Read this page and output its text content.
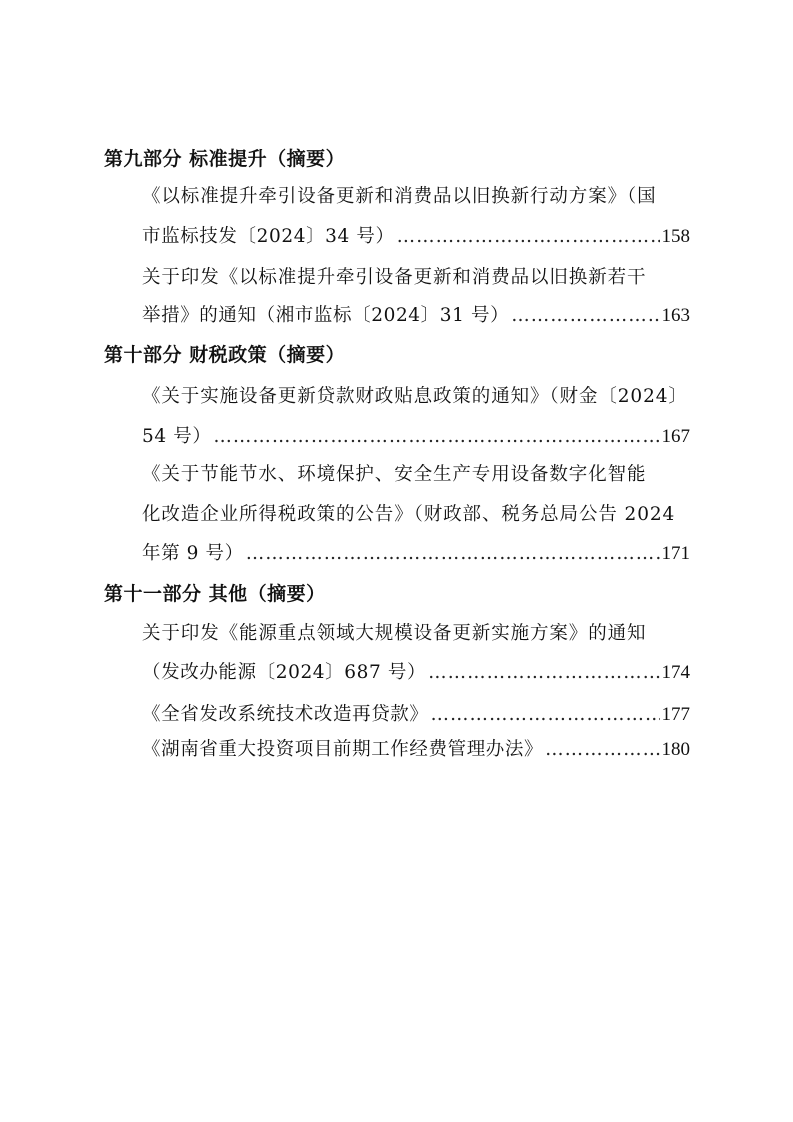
第九部分 标准提升（摘要）
《以标准提升牵引设备更新和消费品以旧换新行动方案》（国
市监标技发〔2024〕34 号） …………………………………………………………………………………………………………………………	158
关于印发《以标准提升牵引设备更新和消费品以旧换新若干
举措》的通知（湘市监标〔2024〕31 号） …………………………………………………………………………………………………………………………	163
第十部分 财税政策（摘要）
《关于实施设备更新贷款财政贴息政策的通知》（财金〔2024〕
54 号） …………………………………………………………………………………………………………………………	167
《关于节能节水、环境保护、安全生产专用设备数字化智能
化改造企业所得税政策的公告》（财政部、税务总局公告 2024
年第 9 号） …………………………………………………………………………………………………………………………	171
第十一部分 其他（摘要）
关于印发《能源重点领域大规模设备更新实施方案》的通知
（发改办能源〔2024〕687 号） …………………………………………………………………………………………………………………………	174
《全省发改系统技术改造再贷款》 …………………………………………………………………………………………………………………………	177
《湖南省重大投资项目前期工作经费管理办法》 …………………………………………………………………………………………………………………………	180
